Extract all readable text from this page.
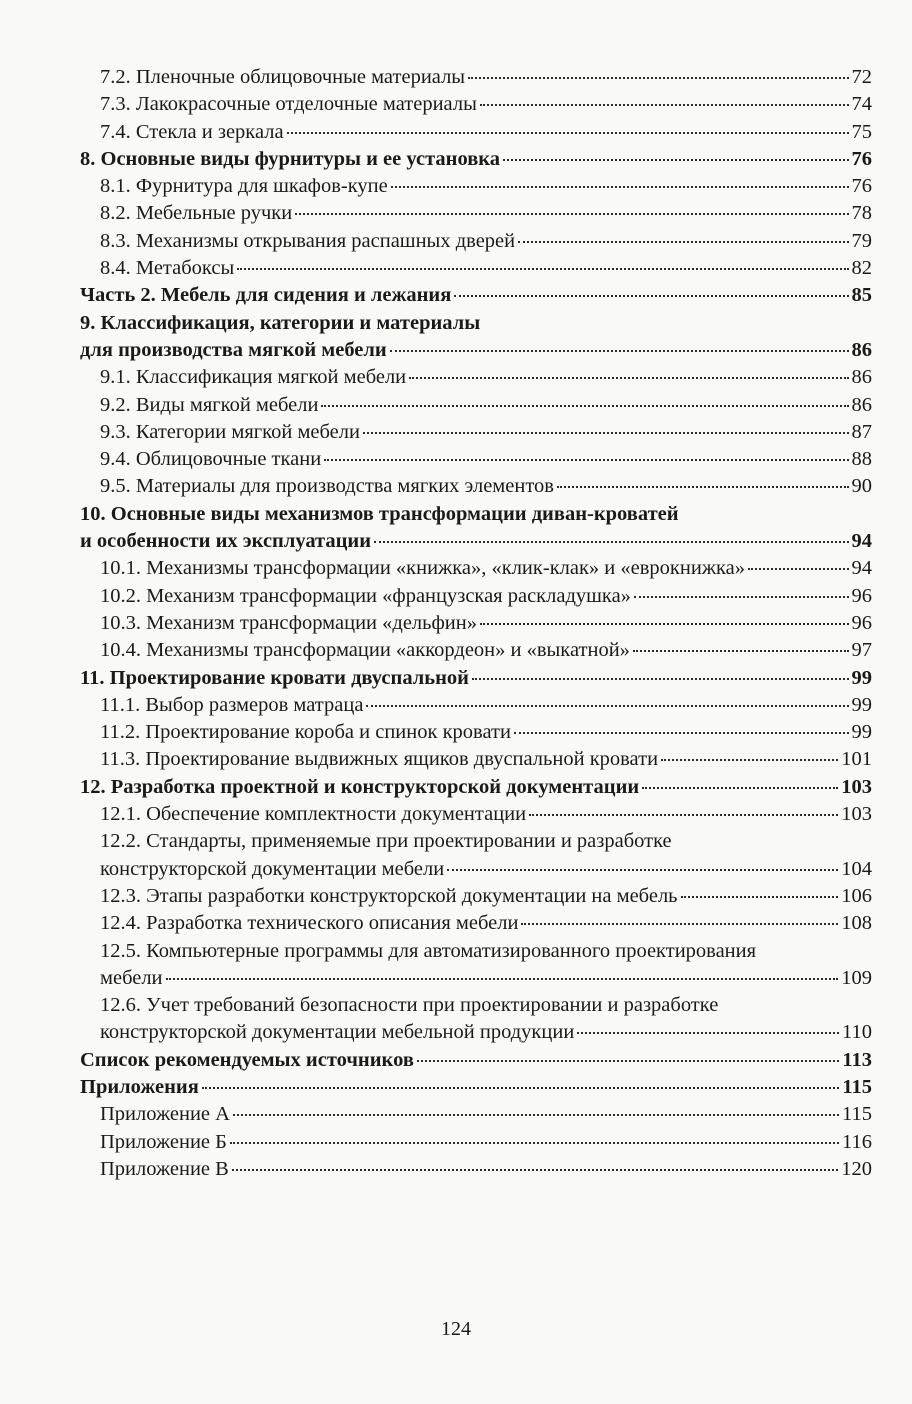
7.2. Пленочные облицовочные материалы	72
7.3. Лакокрасочные отделочные материалы	74
7.4. Стекла и зеркала	75
8. Основные виды фурнитуры и ее установка	76
8.1. Фурнитура для шкафов-купе	76
8.2. Мебельные ручки	78
8.3. Механизмы открывания распашных дверей	79
8.4. Метабоксы	82
Часть 2. Мебель для сидения и лежания	85
9. Классификация, категории и материалы
для производства мягкой мебели	86
9.1. Классификация мягкой мебели	86
9.2. Виды мягкой мебели	86
9.3. Категории мягкой мебели	87
9.4. Облицовочные ткани	88
9.5. Материалы для производства мягких элементов	90
10. Основные виды механизмов трансформации диван-кроватей
и особенности их эксплуатации	94
10.1. Механизмы трансформации «книжка», «клик-клак» и «еврокнижка»	94
10.2. Механизм трансформации «французская раскладушка»	96
10.3. Механизм трансформации «дельфин»	96
10.4. Механизмы трансформации «аккордеон» и «выкатной»	97
11. Проектирование кровати двуспальной	99
11.1. Выбор размеров матраца	99
11.2. Проектирование короба и спинок кровати	99
11.3. Проектирование выдвижных ящиков двуспальной кровати	101
12. Разработка проектной и конструкторской документации	103
12.1. Обеспечение комплектности документации	103
12.2. Стандарты, применяемые при проектировании и разработке
конструкторской документации мебели	104
12.3. Этапы разработки конструкторской документации на мебель	106
12.4. Разработка технического описания мебели	108
12.5. Компьютерные программы для автоматизированного проектирования
мебели	109
12.6. Учет требований безопасности при проектировании и разработке
конструкторской документации мебельной продукции	110
Список рекомендуемых источников	113
Приложения	115
Приложение А	115
Приложение Б	116
Приложение В	120
124
